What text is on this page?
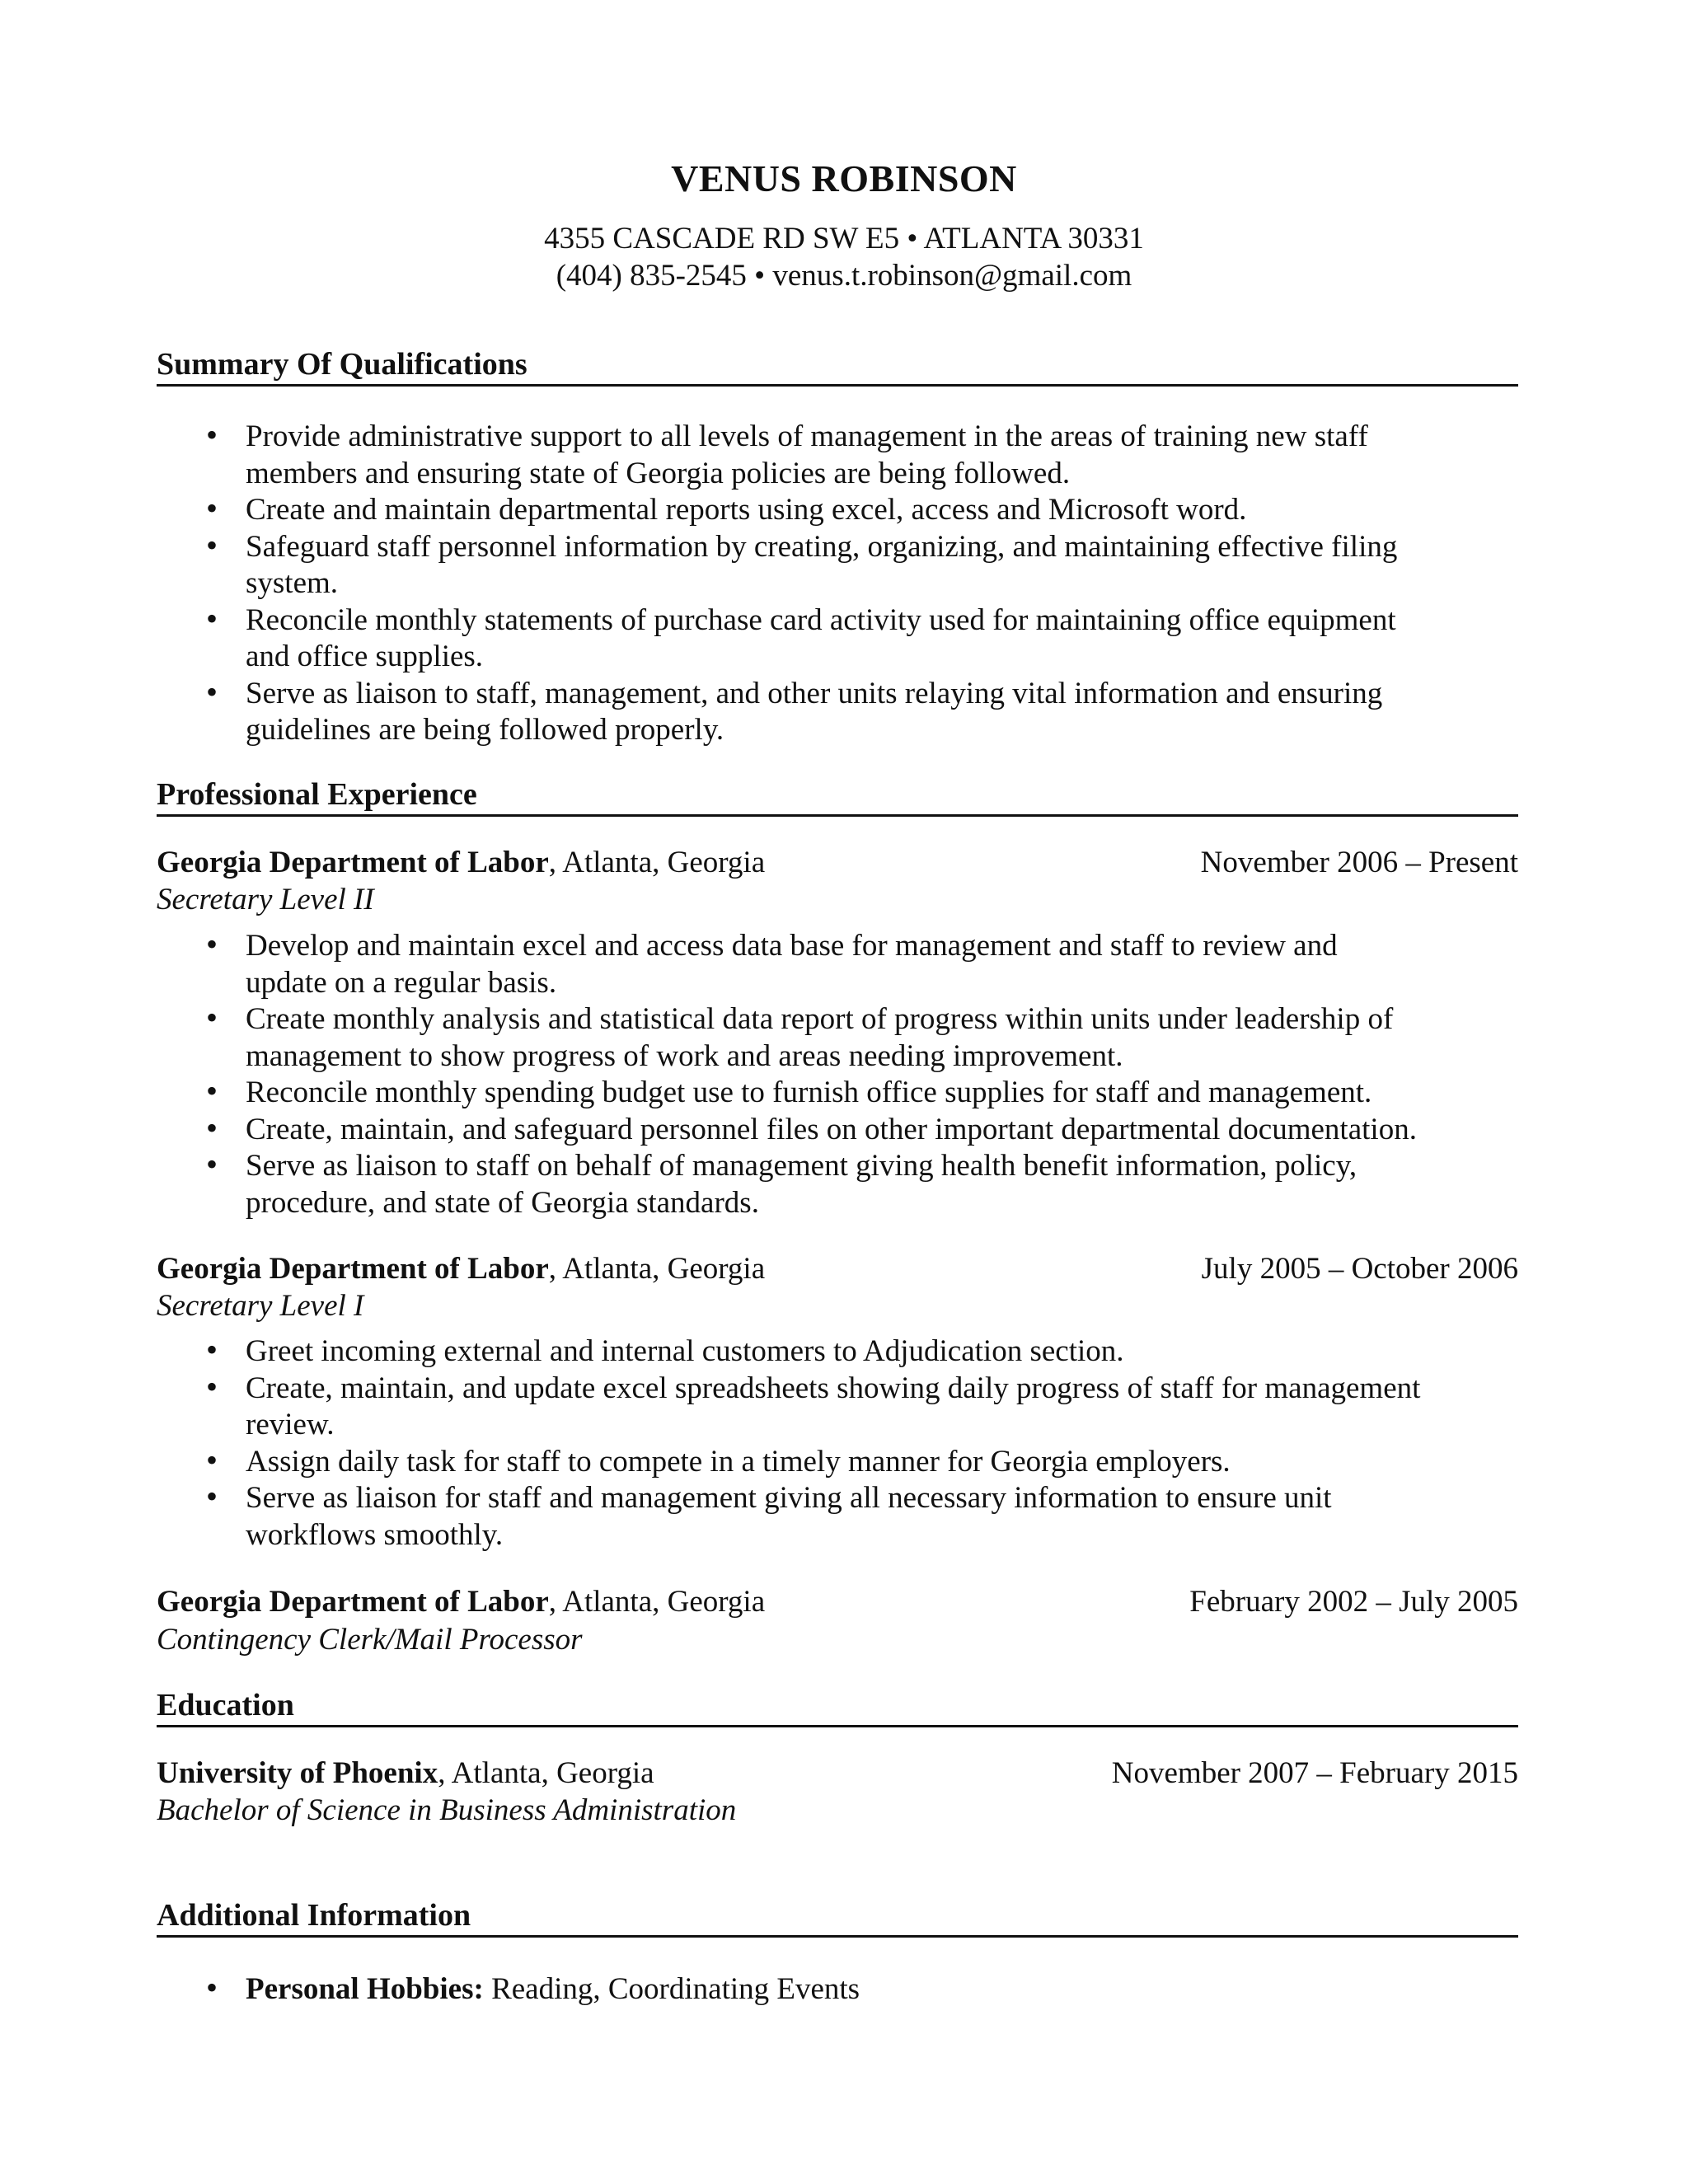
VENUS ROBINSON
4355 CASCADE RD SW E5 • ATLANTA 30331
(404) 835-2545 • venus.t.robinson@gmail.com
Summary Of Qualifications
• Provide administrative support to all levels of management in the areas of training new staff
members and ensuring state of Georgia policies are being followed.
• Create and maintain departmental reports using excel, access and Microsoft word.
• Safeguard staff personnel information by creating, organizing, and maintaining effective filing
system.
• Reconcile monthly statements of purchase card activity used for maintaining office equipment
and office supplies.
• Serve as liaison to staff, management, and other units relaying vital information and ensuring
guidelines are being followed properly.
Professional Experience
Georgia Department of Labor, Atlanta, Georgia	November 2006 – Present
Secretary Level II
• Develop and maintain excel and access data base for management and staff to review and
update on a regular basis.
• Create monthly analysis and statistical data report of progress within units under leadership of
management to show progress of work and areas needing improvement.
• Reconcile monthly spending budget use to furnish office supplies for staff and management.
• Create, maintain, and safeguard personnel files on other important departmental documentation.
• Serve as liaison to staff on behalf of management giving health benefit information, policy,
procedure, and state of Georgia standards.
Georgia Department of Labor, Atlanta, Georgia	July 2005 – October 2006
Secretary Level I
• Greet incoming external and internal customers to Adjudication section.
• Create, maintain, and update excel spreadsheets showing daily progress of staff for management
review.
• Assign daily task for staff to compete in a timely manner for Georgia employers.
• Serve as liaison for staff and management giving all necessary information to ensure unit
workflows smoothly.
Georgia Department of Labor, Atlanta, Georgia	February 2002 – July 2005
Contingency Clerk/Mail Processor
Education
University of Phoenix, Atlanta, Georgia	November 2007 – February 2015
Bachelor of Science in Business Administration
Additional Information
• Personal Hobbies: Reading, Coordinating Events
